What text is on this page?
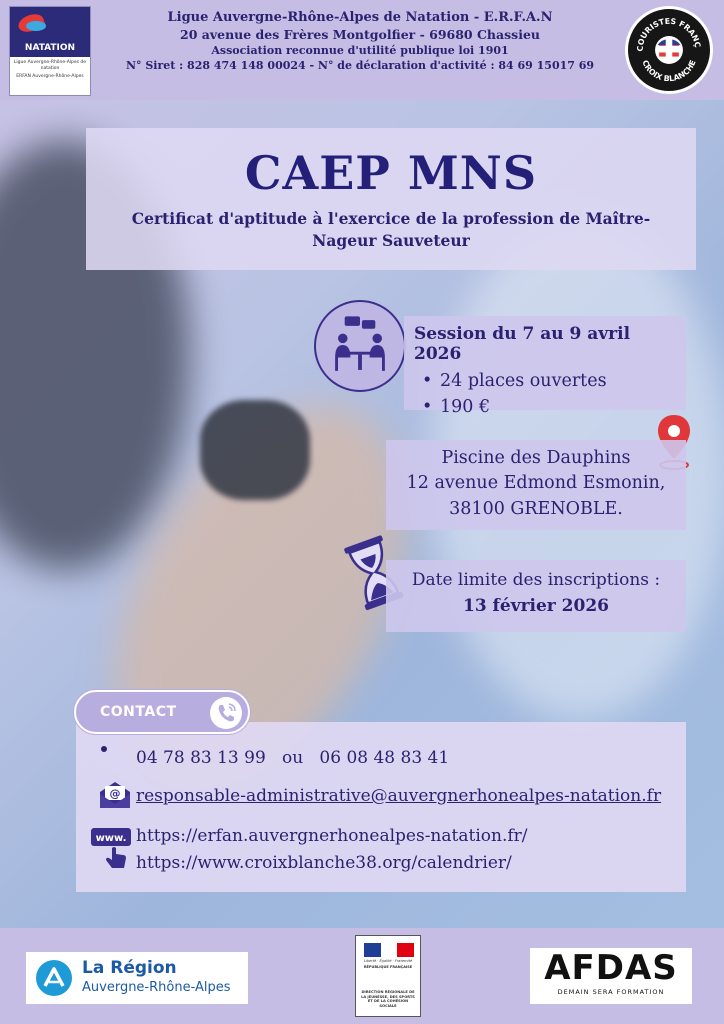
NATATION
Ligue Auvergne-Rhône-Alpes de natation
ERFAN Auvergne-Rhône-Alpes
Ligue Auvergne-Rhône-Alpes de Natation - E.R.F.A.N
20 avenue des Frères Montgolfier - 69680 Chassieu
Association reconnue d'utilité publique loi 1901
N° Siret : 828 474 148 00024 - N° de déclaration d'activité : 84 69 15017 69
COURISTES FRANÇ
CROIX BLANCHE
CAEP MNS
Certificat d'aptitude à l'exercice de la profession de Maître-Nageur Sauveteur
Session du 7 au 9 avril 2026
• 24 places ouvertes
• 190 €
Piscine des Dauphins
12 avenue Edmond Esmonin,
38100 GRENOBLE.
Date limite des inscriptions :
13 février 2026
04 78 83 13 99 ou 06 08 48 83 41
@ responsable-administrative@auvergnerhonealpes-natation.fr
www. https://erfan.auvergnerhonealpes-natation.fr/
https://www.croixblanche38.org/calendrier/
CONTACT
La Région
Auvergne-Rhône-Alpes
Liberté · Égalité · Fraternité
RÉPUBLIQUE FRANÇAISE
DIRECTION RÉGIONALE DE LA JEUNESSE, DES SPORTS ET DE LA COHÉSION SOCIALE
AFDAS
DEMAIN SERA FORMATION
